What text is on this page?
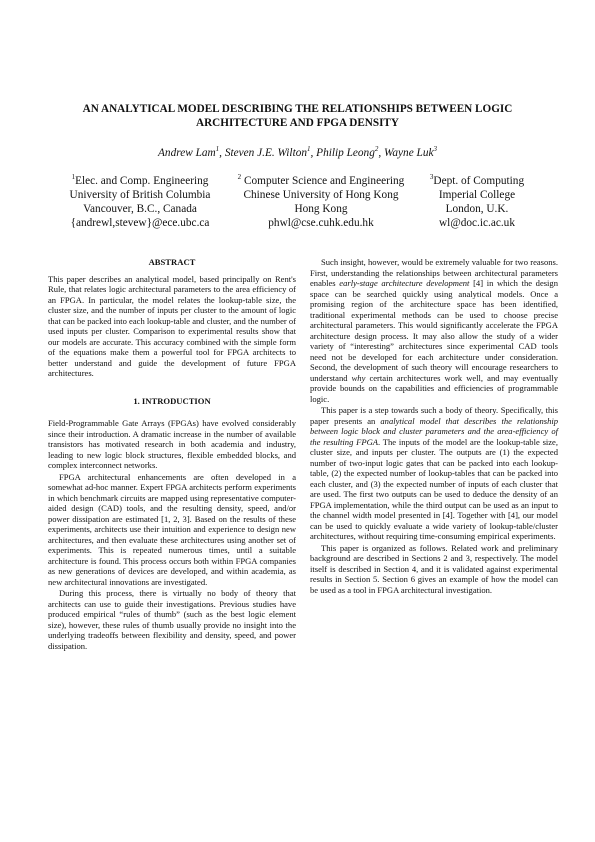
AN ANALYTICAL MODEL DESCRIBING THE RELATIONSHIPS BETWEEN LOGIC ARCHITECTURE AND FPGA DENSITY
Andrew Lam$^1$, Steven J.E. Wilton$^1$, Philip Leong$^2$, Wayne Luk$^3$
$^1$Elec. and Comp. Engineering
University of British Columbia
Vancouver, B.C., Canada
{andrewl,stevew}@ece.ubc.ca
$^2$ Computer Science and Engineering
Chinese University of Hong Kong
Hong Kong
phwl@cse.cuhk.edu.hk
$^3$Dept. of Computing
Imperial College
London, U.K.
wl@doc.ic.ac.uk
ABSTRACT

This paper describes an analytical model, based principally on Rent's Rule, that relates logic architectural parameters to the area efficiency of an FPGA. In particular, the model relates the lookup-table size, the cluster size, and the number of inputs per cluster to the amount of logic that can be packed into each lookup-table and cluster, and the number of used inputs per cluster. Comparison to experimental results show that our models are accurate. This accuracy combined with the simple form of the equations make them a powerful tool for FPGA architects to better understand and guide the development of future FPGA architectures.

1. INTRODUCTION

Field-Programmable Gate Arrays (FPGAs) have evolved considerably since their introduction. A dramatic increase in the number of available transistors has motivated research in both academia and industry, leading to new logic block structures, flexible embedded blocks, and complex interconnect networks.

FPGA architectural enhancements are often developed in a somewhat ad-hoc manner. Expert FPGA architects perform experiments in which benchmark circuits are mapped using representative computer-aided design (CAD) tools, and the resulting density, speed, and/or power dissipation are estimated [1, 2, 3]. Based on the results of these experiments, architects use their intuition and experience to design new architectures, and then evaluate these architectures using another set of experiments. This is repeated numerous times, until a suitable architecture is found. This process occurs both within FPGA companies as new generations of devices are developed, and within academia, as new architectural innovations are investigated.

During this process, there is virtually no body of theory that architects can use to guide their investigations. Previous studies have produced empirical “rules of thumb” (such as the best logic element size), however, these rules of thumb usually provide no insight into the underlying tradeoffs between flexibility and density, speed, and power dissipation.

Such insight, however, would be extremely valuable for two reasons. First, understanding the relationships between architectural parameters enables early-stage architecture development [4] in which the design space can be searched quickly using analytical models. Once a promising region of the architecture space has been identified, traditional experimental methods can be used to choose precise architectural parameters. This would significantly accelerate the FPGA architecture design process. It may also allow the study of a wider variety of “interesting” architectures since experimental CAD tools need not be developed for each architecture under consideration. Second, the development of such theory will encourage researchers to understand why certain architectures work well, and may eventually provide bounds on the capabilities and efficiencies of programmable logic.

This paper is a step towards such a body of theory. Specifically, this paper presents an analytical model that describes the relationship between logic block and cluster parameters and the area-efficiency of the resulting FPGA. The inputs of the model are the lookup-table size, cluster size, and inputs per cluster. The outputs are (1) the expected number of two-input logic gates that can be packed into each lookup-table, (2) the expected number of lookup-tables that can be packed into each cluster, and (3) the expected number of inputs of each cluster that are used. The first two outputs can be used to deduce the density of an FPGA implementation, while the third output can be used as an input to the channel width model presented in [4]. Together with [4], our model can be used to quickly evaluate a wide variety of lookup-table/cluster architectures, without requiring time-consuming empirical experiments.

This paper is organized as follows. Related work and preliminary background are described in Sections 2 and 3, respectively. The model itself is described in Section 4, and it is validated against experimental results in Section 5. Section 6 gives an example of how the model can be used as a tool in FPGA architectural investigation.
